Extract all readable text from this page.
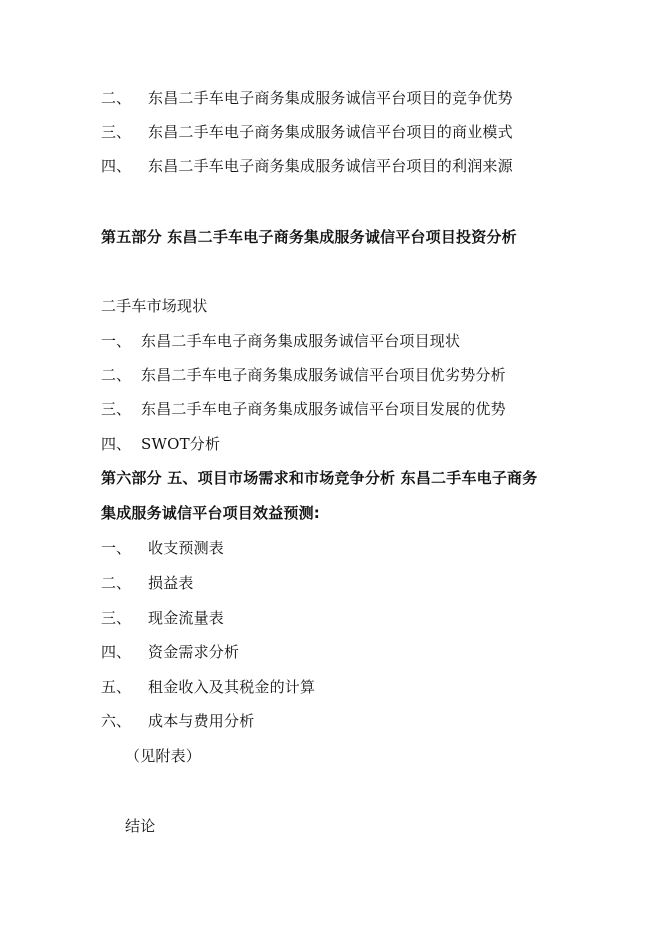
二、 东昌二手车电子商务集成服务诚信平台项目的竞争优势
三、 东昌二手车电子商务集成服务诚信平台项目的商业模式
四、 东昌二手车电子商务集成服务诚信平台项目的利润来源
第五部分 东昌二手车电子商务集成服务诚信平台项目投资分析
二手车市场现状
一、 东昌二手车电子商务集成服务诚信平台项目现状
二、 东昌二手车电子商务集成服务诚信平台项目优劣势分析
三、 东昌二手车电子商务集成服务诚信平台项目发展的优势
四、 SWOT分析
第六部分 五、项目市场需求和市场竞争分析 东昌二手车电子商务
集成服务诚信平台项目效益预测:
一、 收支预测表
二、 损益表
三、 现金流量表
四、 资金需求分析
五、 租金收入及其税金的计算
六、 成本与费用分析
（见附表）
结论
